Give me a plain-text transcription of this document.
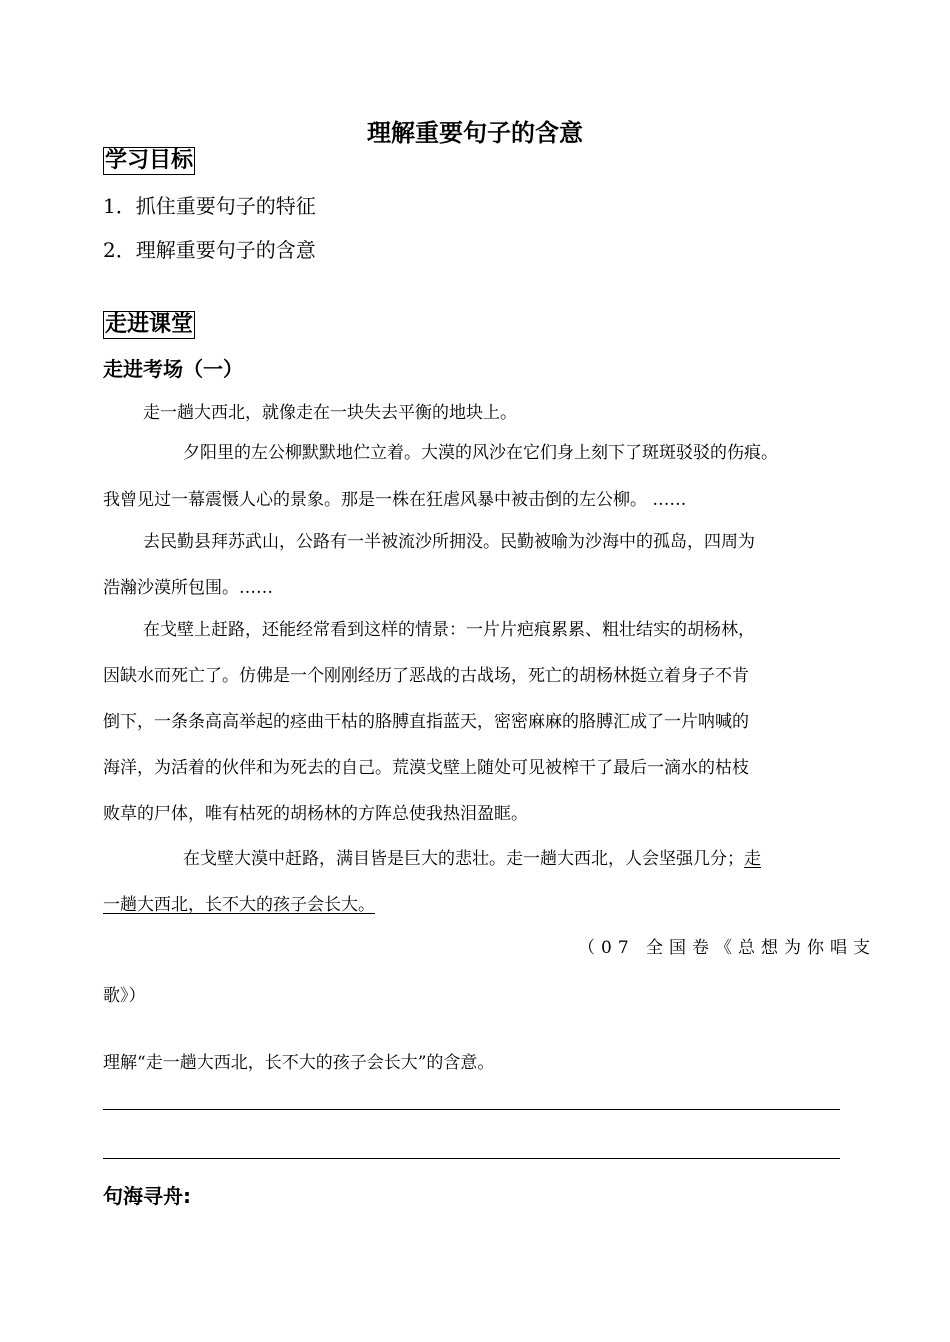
理解重要句子的含意
学习目标
1．抓住重要句子的特征
2．理解重要句子的含意
走进课堂
走进考场（一）
走一趟大西北，就像走在一块失去平衡的地块上。
夕阳里的左公柳默默地伫立着。大漠的风沙在它们身上刻下了斑斑驳驳的伤痕。
我曾见过一幕震慑人心的景象。那是一株在狂虐风暴中被击倒的左公柳。 ……
去民勤县拜苏武山，公路有一半被流沙所拥没。民勤被喻为沙海中的孤岛，四周为
浩瀚沙漠所包围。……
在戈壁上赶路，还能经常看到这样的情景：一片片疤痕累累、粗壮结实的胡杨林，
因缺水而死亡了。仿佛是一个刚刚经历了恶战的古战场，死亡的胡杨林挺立着身子不肯
倒下，一条条高高举起的痉曲干枯的胳膊直指蓝天，密密麻麻的胳膊汇成了一片呐喊的
海洋，为活着的伙伴和为死去的自己。荒漠戈壁上随处可见被榨干了最后一滴水的枯枝
败草的尸体，唯有枯死的胡杨林的方阵总使我热泪盈眶。
在戈壁大漠中赶路，满目皆是巨大的悲壮。走一趟大西北，人会坚强几分；走
一趟大西北，长不大的孩子会长大。
（07 全国卷《总想为你唱支
歌》）
理解“走一趟大西北，长不大的孩子会长大”的含意。
句海寻舟:
